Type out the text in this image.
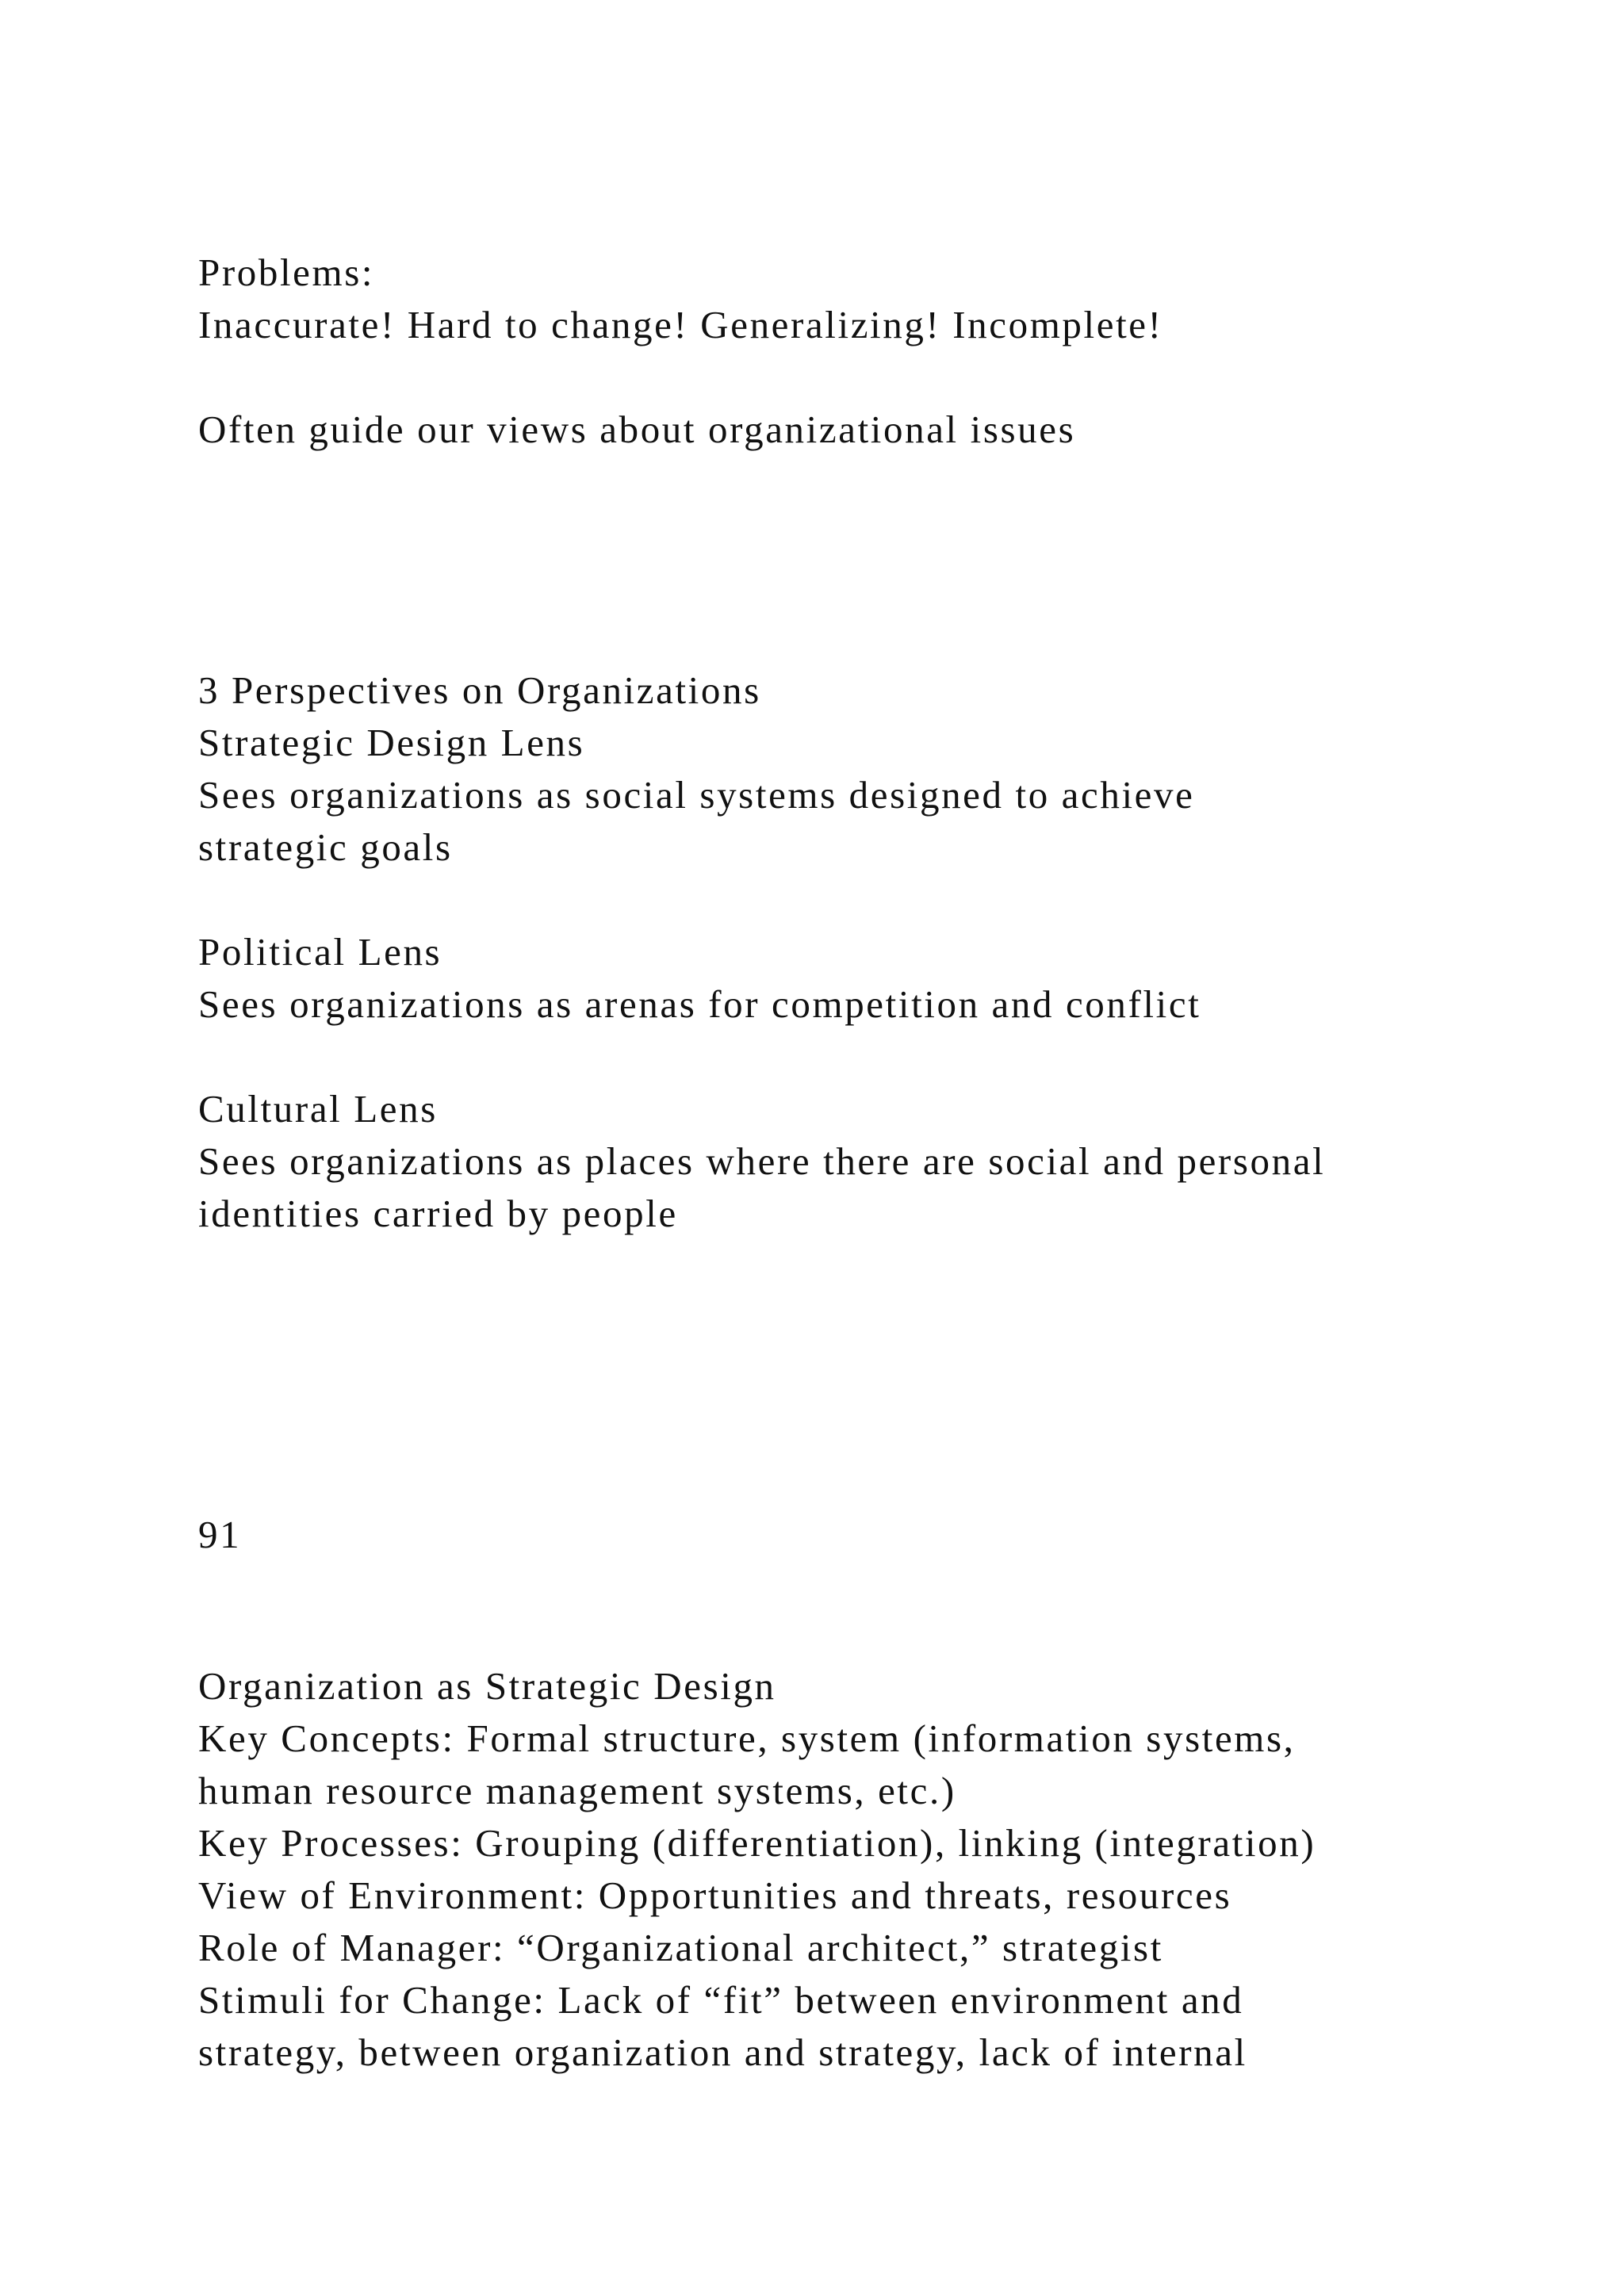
Problems:
Inaccurate! Hard to change! Generalizing! Incomplete!
Often guide our views about organizational issues
3 Perspectives on Organizations
Strategic Design Lens
Sees organizations as social systems designed to achieve
strategic goals
Political Lens
Sees organizations as arenas for competition and conflict
Cultural Lens
Sees organizations as places where there are social and personal
identities carried by people
91
Organization as Strategic Design
Key Concepts: Formal structure, system (information systems,
human resource management systems, etc.)
Key Processes: Grouping (differentiation), linking (integration)
View of Environment: Opportunities and threats, resources
Role of Manager: “Organizational architect,” strategist
Stimuli for Change: Lack of “fit” between environment and
strategy, between organization and strategy, lack of internal
